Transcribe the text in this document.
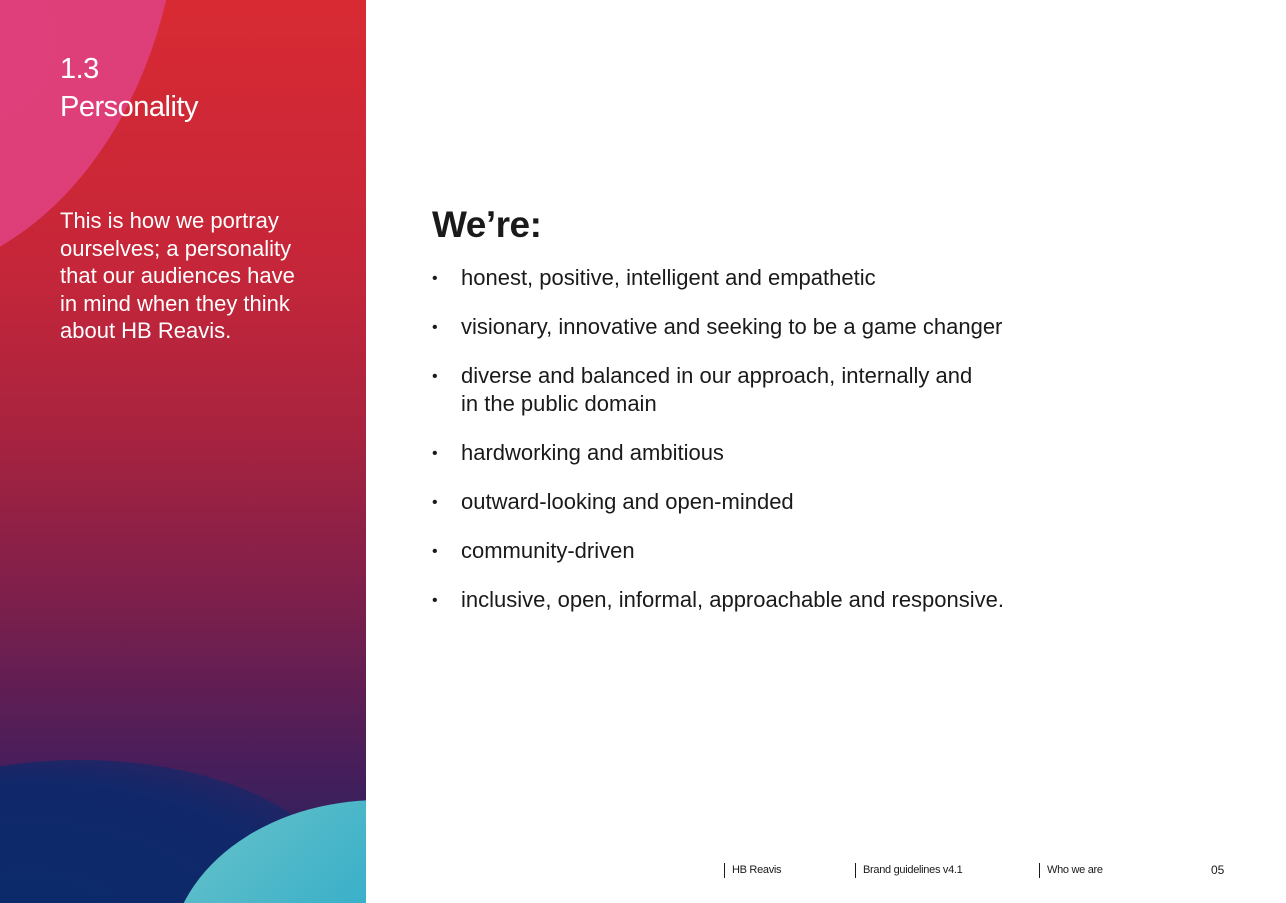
1.3
Personality

This is how we portray ourselves; a personality that our audiences have in mind when they think about HB Reavis.

We’re:
• honest, positive, intelligent and empathetic
• visionary, innovative and seeking to be a game changer
• diverse and balanced in our approach, internally and in the public domain
• hardworking and ambitious
• outward-looking and open-minded
• community-driven
• inclusive, open, informal, approachable and responsive.
HB Reavis	Brand guidelines v4.1	Who we are	05
